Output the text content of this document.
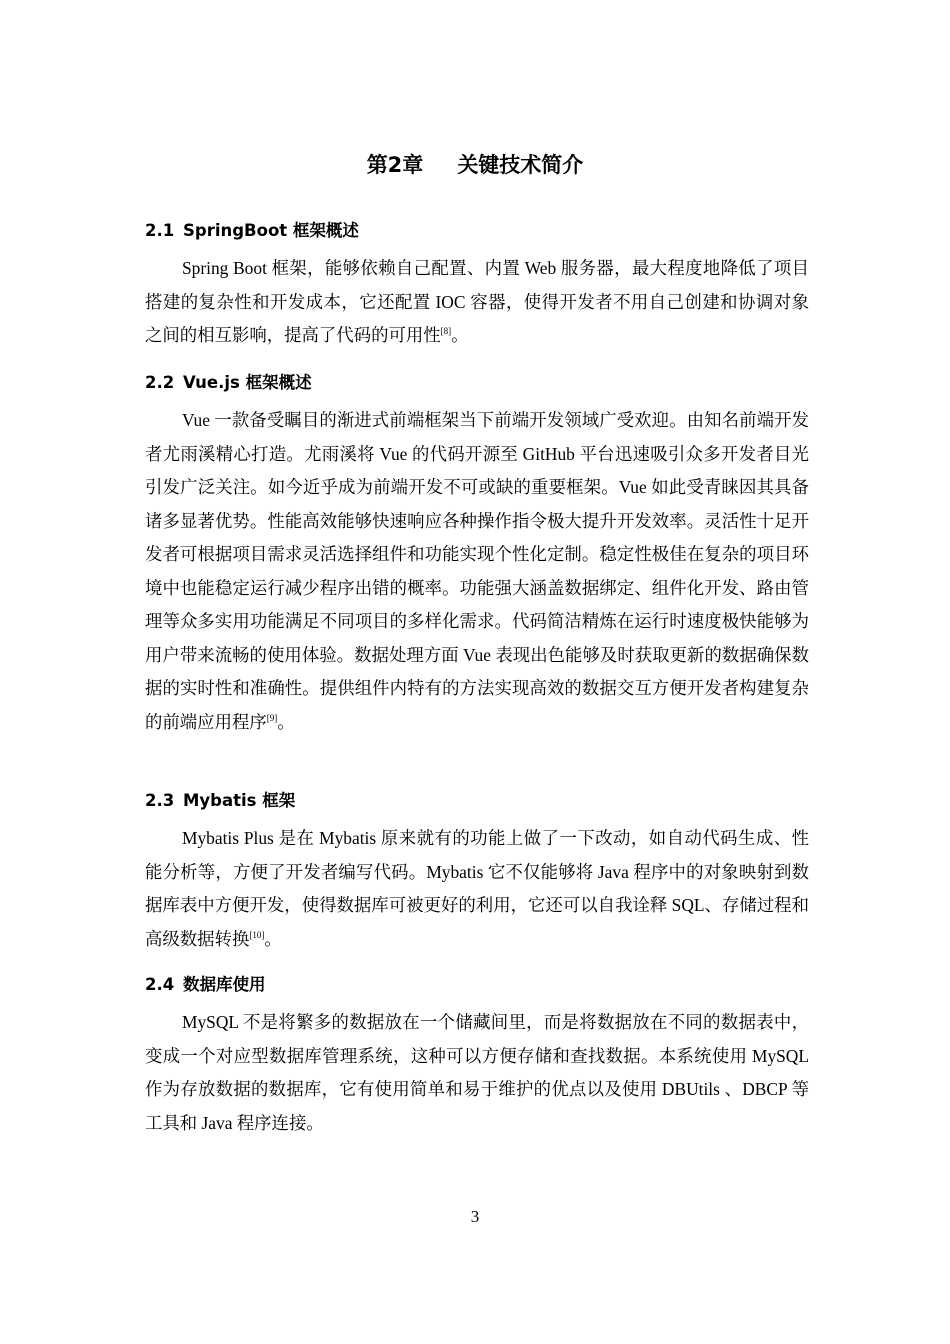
第2章 关键技术简介
2.1 SpringBoot 框架概述

Spring Boot 框架，能够依赖自己配置、内置 Web 服务器，最大程度地降低了项目搭建的复杂性和开发成本，它还配置 IOC 容器，使得开发者不用自己创建和协调对象之间的相互影响，提高了代码的可用性[8]。

2.2 Vue.js 框架概述

Vue 一款备受瞩目的渐进式前端框架当下前端开发领域广受欢迎。由知名前端开发者尤雨溪精心打造。尤雨溪将 Vue 的代码开源至 GitHub 平台迅速吸引众多开发者目光引发广泛关注。如今近乎成为前端开发不可或缺的重要框架。Vue 如此受青睐因其具备诸多显著优势。性能高效能够快速响应各种操作指令极大提升开发效率。灵活性十足开发者可根据项目需求灵活选择组件和功能实现个性化定制。稳定性极佳在复杂的项目环境中也能稳定运行减少程序出错的概率。功能强大涵盖数据绑定、组件化开发、路由管理等众多实用功能满足不同项目的多样化需求。代码简洁精炼在运行时速度极快能够为用户带来流畅的使用体验。数据处理方面 Vue 表现出色能够及时获取更新的数据确保数据的实时性和准确性。提供组件内特有的方法实现高效的数据交互方便开发者构建复杂的前端应用程序[9]。

2.3 Mybatis 框架

Mybatis Plus 是在 Mybatis 原来就有的功能上做了一下改动，如自动代码生成、性能分析等，方便了开发者编写代码。Mybatis 它不仅能够将 Java 程序中的对象映射到数据库表中方便开发，使得数据库可被更好的利用，它还可以自我诠释 SQL、存储过程和高级数据转换[10]。

2.4 数据库使用

MySQL 不是将繁多的数据放在一个储藏间里，而是将数据放在不同的数据表中，变成一个对应型数据库管理系统，这种可以方便存储和查找数据。本系统使用 MySQL 作为存放数据的数据库，它有使用简单和易于维护的优点以及使用 DBUtils 、DBCP 等工具和 Java 程序连接。

3
